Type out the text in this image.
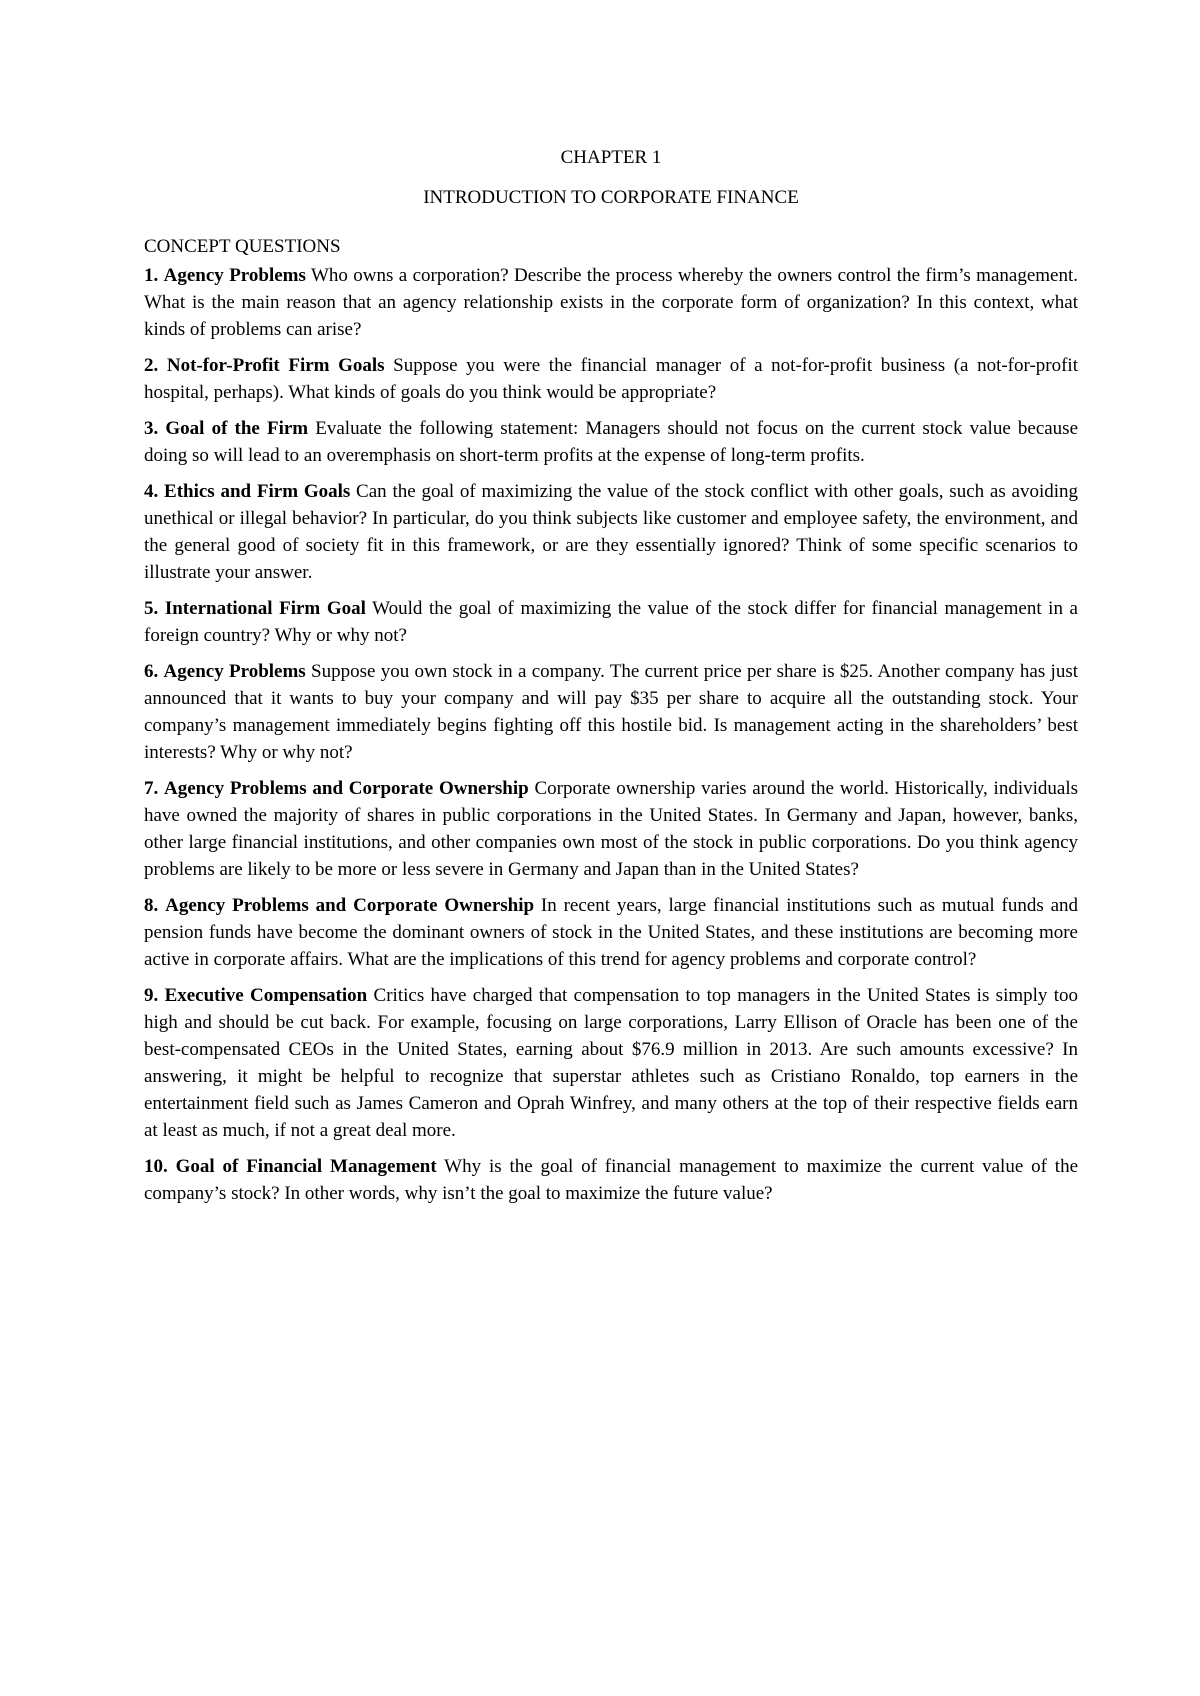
CHAPTER 1
INTRODUCTION TO CORPORATE FINANCE
CONCEPT QUESTIONS
1. Agency Problems Who owns a corporation? Describe the process whereby the owners control the firm’s management. What is the main reason that an agency relationship exists in the corporate form of organization? In this context, what kinds of problems can arise?
2. Not-for-Profit Firm Goals Suppose you were the financial manager of a not-for-profit business (a not-for-profit hospital, perhaps). What kinds of goals do you think would be appropriate?
3. Goal of the Firm Evaluate the following statement: Managers should not focus on the current stock value because doing so will lead to an overemphasis on short-term profits at the expense of long-term profits.
4. Ethics and Firm Goals Can the goal of maximizing the value of the stock conflict with other goals, such as avoiding unethical or illegal behavior? In particular, do you think subjects like customer and employee safety, the environment, and the general good of society fit in this framework, or are they essentially ignored? Think of some specific scenarios to illustrate your answer.
5. International Firm Goal Would the goal of maximizing the value of the stock differ for financial management in a foreign country? Why or why not?
6. Agency Problems Suppose you own stock in a company. The current price per share is $25. Another company has just announced that it wants to buy your company and will pay $35 per share to acquire all the outstanding stock. Your company’s management immediately begins fighting off this hostile bid. Is management acting in the shareholders’ best interests? Why or why not?
7. Agency Problems and Corporate Ownership Corporate ownership varies around the world. Historically, individuals have owned the majority of shares in public corporations in the United States. In Germany and Japan, however, banks, other large financial institutions, and other companies own most of the stock in public corporations. Do you think agency problems are likely to be more or less severe in Germany and Japan than in the United States?
8. Agency Problems and Corporate Ownership In recent years, large financial institutions such as mutual funds and pension funds have become the dominant owners of stock in the United States, and these institutions are becoming more active in corporate affairs. What are the implications of this trend for agency problems and corporate control?
9. Executive Compensation Critics have charged that compensation to top managers in the United States is simply too high and should be cut back. For example, focusing on large corporations, Larry Ellison of Oracle has been one of the best-compensated CEOs in the United States, earning about $76.9 million in 2013. Are such amounts excessive? In answering, it might be helpful to recognize that superstar athletes such as Cristiano Ronaldo, top earners in the entertainment field such as James Cameron and Oprah Winfrey, and many others at the top of their respective fields earn at least as much, if not a great deal more.
10. Goal of Financial Management Why is the goal of financial management to maximize the current value of the company’s stock? In other words, why isn’t the goal to maximize the future value?
